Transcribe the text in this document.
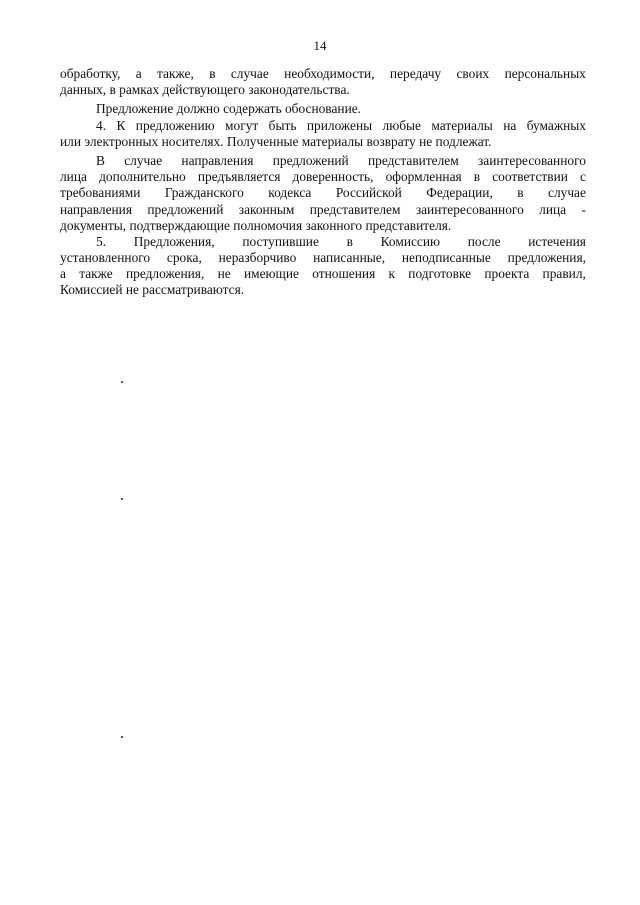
14
обработку, а также, в случае необходимости, передачу своих персональных
данных, в рамках действующего законодательства.
Предложение должно содержать обоснование.
4. К предложению могут быть приложены любые материалы на бумажных
или электронных носителях. Полученные материалы возврату не подлежат.
В случае направления предложений представителем заинтересованного
лица дополнительно предъявляется доверенность, оформленная в соответствии с
требованиями Гражданского кодекса Российской Федерации, в случае
направления предложений законным представителем заинтересованного лица -
документы, подтверждающие полномочия законного представителя.
5. Предложения, поступившие в Комиссию после истечения
установленного срока, неразборчиво написанные, неподписанные предложения,
а также предложения, не имеющие отношения к подготовке проекта правил,
Комиссией не рассматриваются.
